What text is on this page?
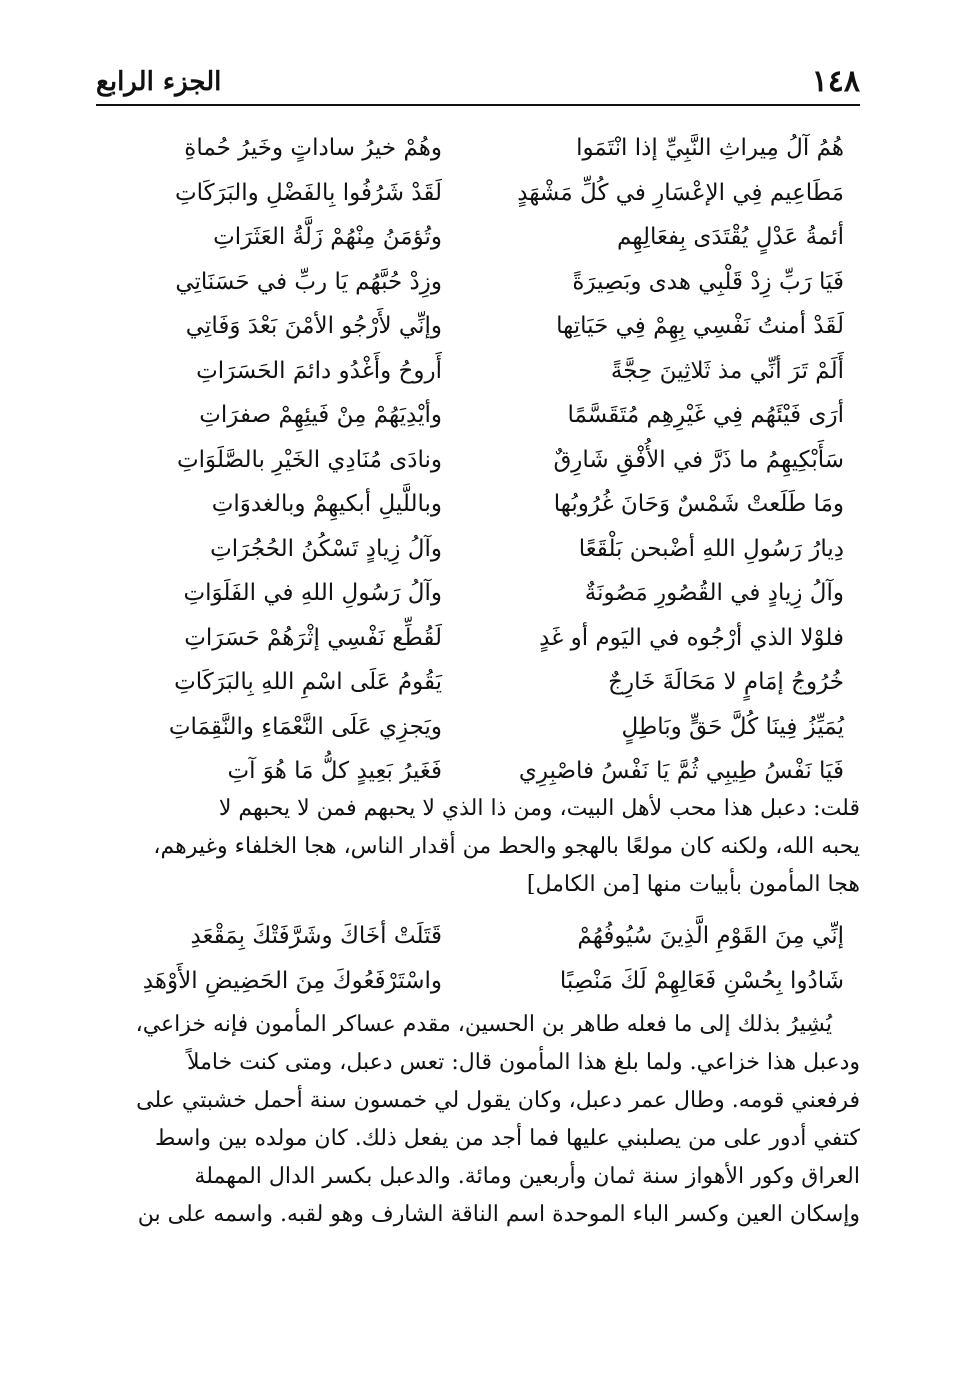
١٤٨
الجزء الرابع
هُمُ آلُ مِيراثِ النَّبِيِّ إذا انْتَمَوا
وهُمْ خيرُ ساداتٍ وخَيرُ حُماةِ
مَطَاعِيم فِي الإعْسَارِ في كُلِّ مَشْهَدٍ
لَقَدْ شَرُفُوا بِالفَضْلِ والبَرَكَاتِ
أئمةُ عَدْلٍ يُقْتَدَى بِفعَالِهِم
وتُؤمَنُ مِنْهُمْ زَلَّةُ العَثَرَاتِ
فَيَا رَبِّ زِدْ قَلْبِي هدى وبَصِيرَةً
وزِدْ حُبَّهُم يَا ربِّ في حَسَنَاتِي
لَقَدْ أمنتُ نَفْسِي بِهِمْ فِي حَيَاتِها
وإنِّي لأَرْجُو الأمْنَ بَعْدَ وَفَاتِي
أَلَمْ تَرَ أنِّي مذ ثَلاثِينَ حِجَّةً
أَروحُ وأَغْدُو دائمَ الحَسَرَاتِ
أرَى فَيْئَهُم فِي غَيْرِهِم مُتَقَسَّمًا
وأيْدِيَهُمْ مِنْ فَيئِهِمْ صفرَاتِ
سَأَبْكِيهِمُ ما ذَرَّ في الأُفْقِ شَارِقٌ
ونادَى مُنَادِي الخَيْرِ بالصَّلَوَاتِ
ومَا طَلَعتْ شَمْسٌ وَحَانَ غُرُوبُها
وباللَّيلِ أبكيهِمْ وبالغدوَاتِ
دِيارُ رَسُولِ اللهِ أضْبحن بَلْقَعًا
وآلُ زِيادٍ تَسْكُنُ الحُجُرَاتِ
وآلُ زِيادٍ في القُصُورِ مَصُونَةٌ
وآلُ رَسُولِ اللهِ في الفَلَوَاتِ
فلوْلا الذي أرْجُوه في اليَوم أو غَدٍ
لَقُطِّع نَفْسِي إثْرَهُمْ حَسَرَاتِ
خُرُوجُ إمَامٍ لا مَحَالَةَ خَارِجٌ
يَقُومُ عَلَى اسْمِ اللهِ بِالبَرَكَاتِ
يُمَيِّزُ فِينَا كُلَّ حَقٍّ وبَاطِلٍ
ويَجزِي عَلَى النَّعْمَاءِ والنَّقِمَاتِ
فَيَا نَفْسُ طِيبِي ثُمَّ يَا نَفْسُ فاصْبِرِي
فَغَيرُ بَعِيدٍ كلُّ مَا هُوَ آتِ

قلت: دعبل هذا محب لأهل البيت، ومن ذا الذي لا يحبهم فمن لا يحبهم لا

يحبه الله، ولكنه كان مولعًا بالهجو والحط من أقدار الناس، هجا الخلفاء وغيرهم،

هجا المأمون بأبيات منها [من الكامل]

إنِّي مِنَ القَوْمِ الَّذِينَ سُيُوفُهُمْ
قَتَلَتْ أخَاكَ وشَرَّفَتْكَ بِمَقْعَدِ
شَادُوا بِحُسْنِ فَعَالِهِمْ لَكَ مَنْصِبًا
واسْتَرْفَعُوكَ مِنَ الحَضِيضِ الأَوْهَدِ

يُشِيرُ بذلك إلى ما فعله طاهر بن الحسين، مقدم عساكر المأمون فإنه خزاعي،

ودعبل هذا خزاعي. ولما بلغ هذا المأمون قال: تعس دعبل، ومتى كنت خاملاً

فرفعني قومه. وطال عمر دعبل، وكان يقول لي خمسون سنة أحمل خشبتي على

كتفي أدور على من يصلبني عليها فما أجد من يفعل ذلك. كان مولده بين واسط

العراق وكور الأهواز سنة ثمان وأربعين ومائة. والدعبل بكسر الدال المهملة

وإسكان العين وكسر الباء الموحدة اسم الناقة الشارف وهو لقبه. واسمه على بن
